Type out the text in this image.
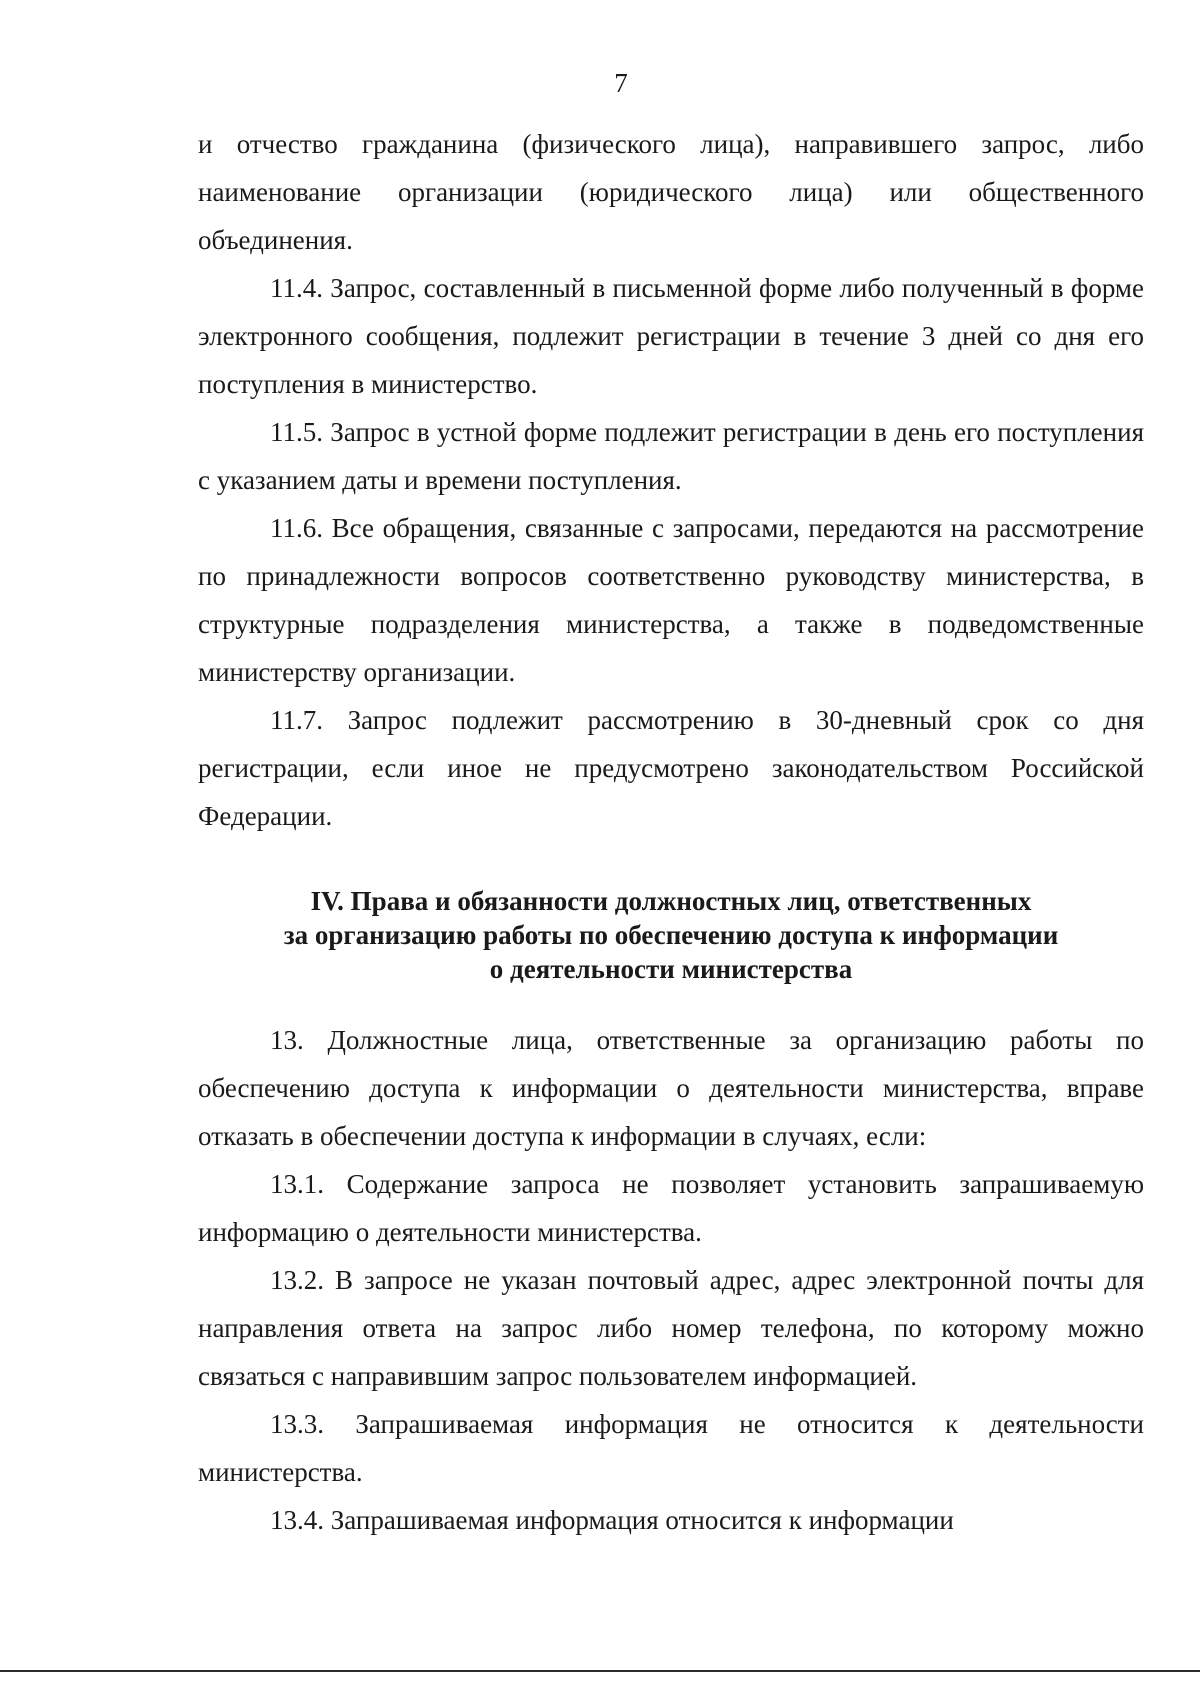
7

и отчество гражданина (физического лица), направившего запрос, либо наименование организации (юридического лица) или общественного объединения.

11.4. Запрос, составленный в письменной форме либо полученный в форме электронного сообщения, подлежит регистрации в течение 3 дней со дня его поступления в министерство.

11.5. Запрос в устной форме подлежит регистрации в день его поступления с указанием даты и времени поступления.

11.6. Все обращения, связанные с запросами, передаются на рассмотрение по принадлежности вопросов соответственно руководству министерства, в структурные подразделения министерства, а также в подведомственные министерству организации.

11.7. Запрос подлежит рассмотрению в 30-дневный срок со дня регистрации, если иное не предусмотрено законодательством Российской Федерации.

IV. Права и обязанности должностных лиц, ответственных
за организацию работы по обеспечению доступа к информации
о деятельности министерства

13. Должностные лица, ответственные за организацию работы по обеспечению доступа к информации о деятельности министерства, вправе отказать в обеспечении доступа к информации в случаях, если:

13.1. Содержание запроса не позволяет установить запрашиваемую информацию о деятельности министерства.

13.2. В запросе не указан почтовый адрес, адрес электронной почты для направления ответа на запрос либо номер телефона, по которому можно связаться с направившим запрос пользователем информацией.

13.3. Запрашиваемая информация не относится к деятельности министерства.

13.4. Запрашиваемая информация относится к информации
